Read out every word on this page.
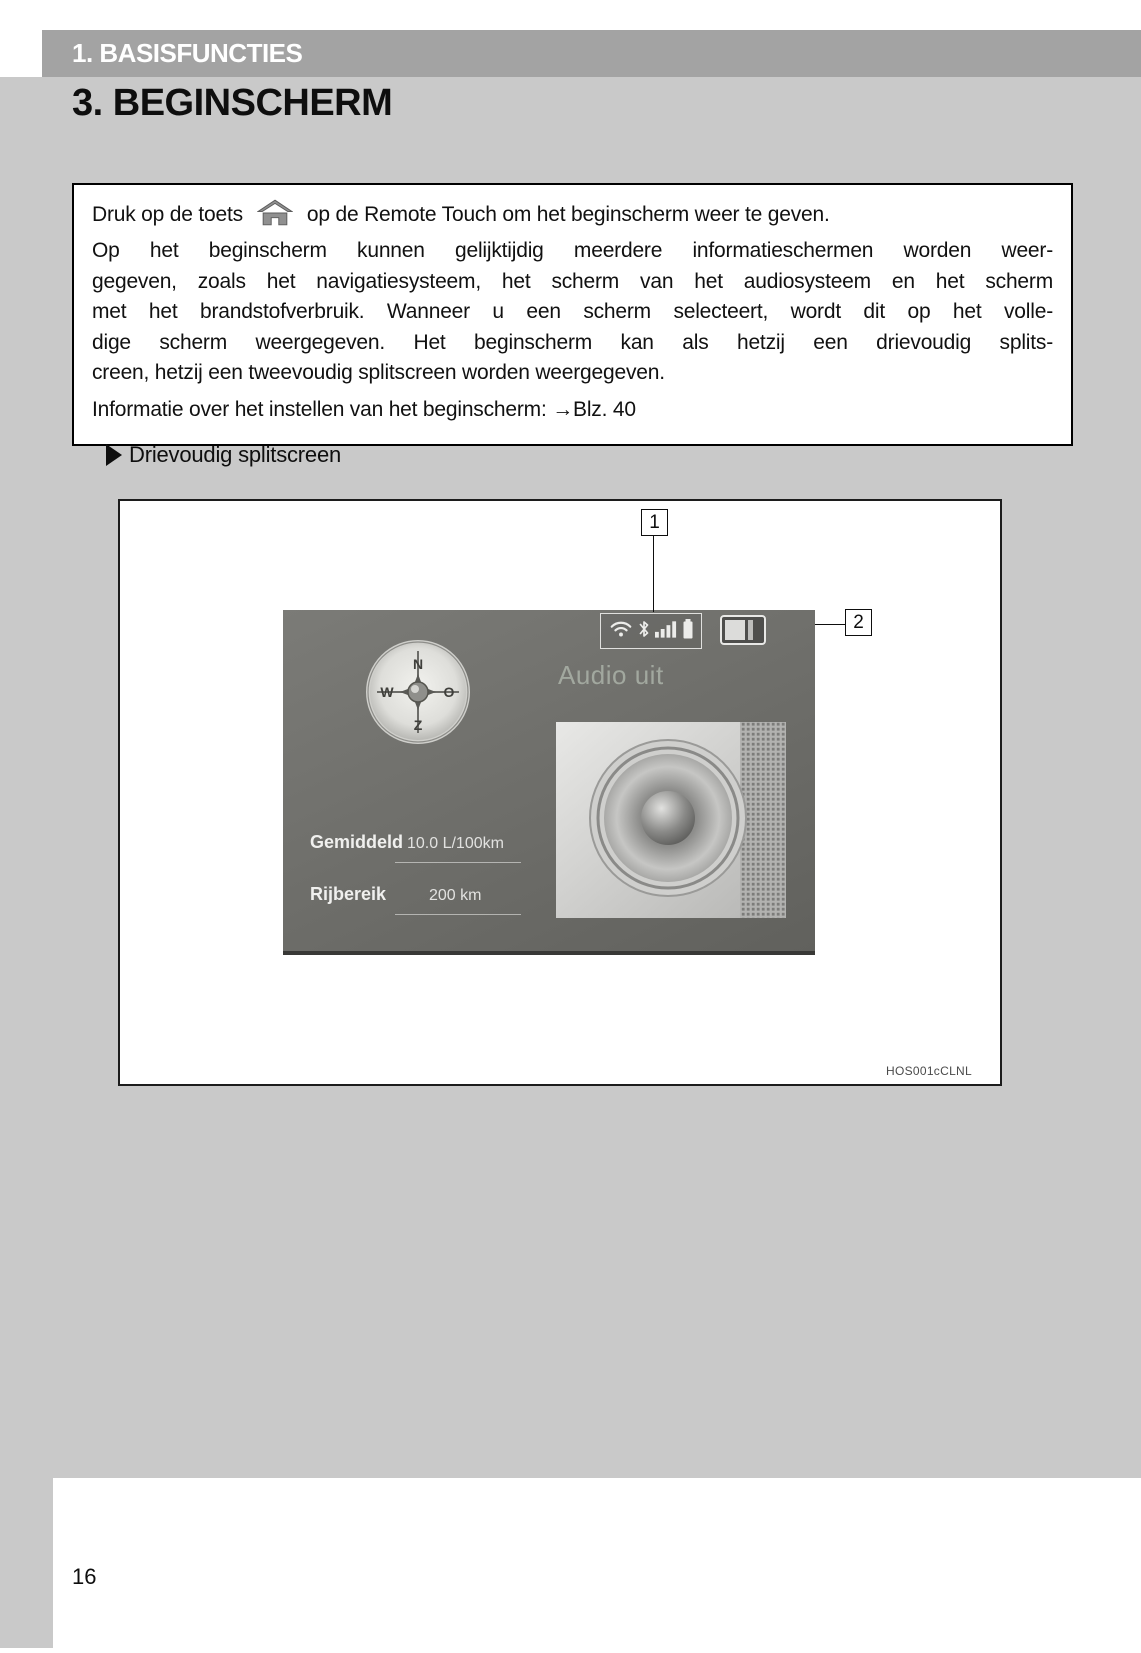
1. BASISFUNCTIES
3. BEGINSCHERM
Druk op de toets	op de Remote Touch om het beginscherm weer te geven.
Op het beginscherm kunnen gelijktijdig meerdere informatieschermen worden weer-
gegeven, zoals het navigatiesysteem, het scherm van het audiosysteem en het scherm
met het brandstofverbruik. Wanneer u een scherm selecteert, wordt dit op het volle-
dige scherm weergegeven. Het beginscherm kan als hetzij een drievoudig splits-
creen, hetzij een tweevoudig splitscreen worden weergegeven.
Informatie over het instellen van het beginscherm: →Blz. 40
Drievoudig splitscreen
1
2
N
W	O
Z
Audio uit
Gemiddeld 10.0 L/100km
Rijbereik	200 km
HOS001cCLNL
16
